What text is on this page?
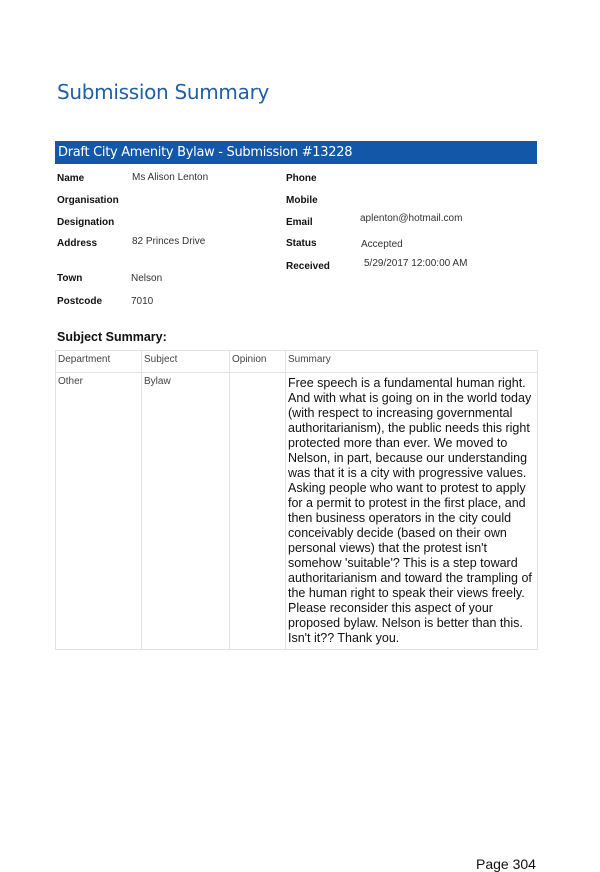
Submission Summary
Draft City Amenity Bylaw - Submission #13228
Name	Ms Alison Lenton
Organisation
Designation
Address	82 Princes Drive
Town	Nelson
Postcode	7010
Phone
Mobile
Email	aplenton@hotmail.com
Status	Accepted
Received	5/29/2017 12:00:00 AM
Subject Summary:
Department	Subject	Opinion	Summary
Other	Bylaw		Free speech is a fundamental human right. And with what is going on in the world today (with respect to increasing governmental authoritarianism), the public needs this right protected more than ever. We moved to Nelson, in part, because our understanding was that it is a city with progressive values. Asking people who want to protest to apply for a permit to protest in the first place, and then business operators in the city could conceivably decide (based on their own personal views) that the protest isn't somehow 'suitable'? This is a step toward authoritarianism and toward the trampling of the human right to speak their views freely. Please reconsider this aspect of your proposed bylaw. Nelson is better than this. Isn't it?? Thank you.
Page 304
